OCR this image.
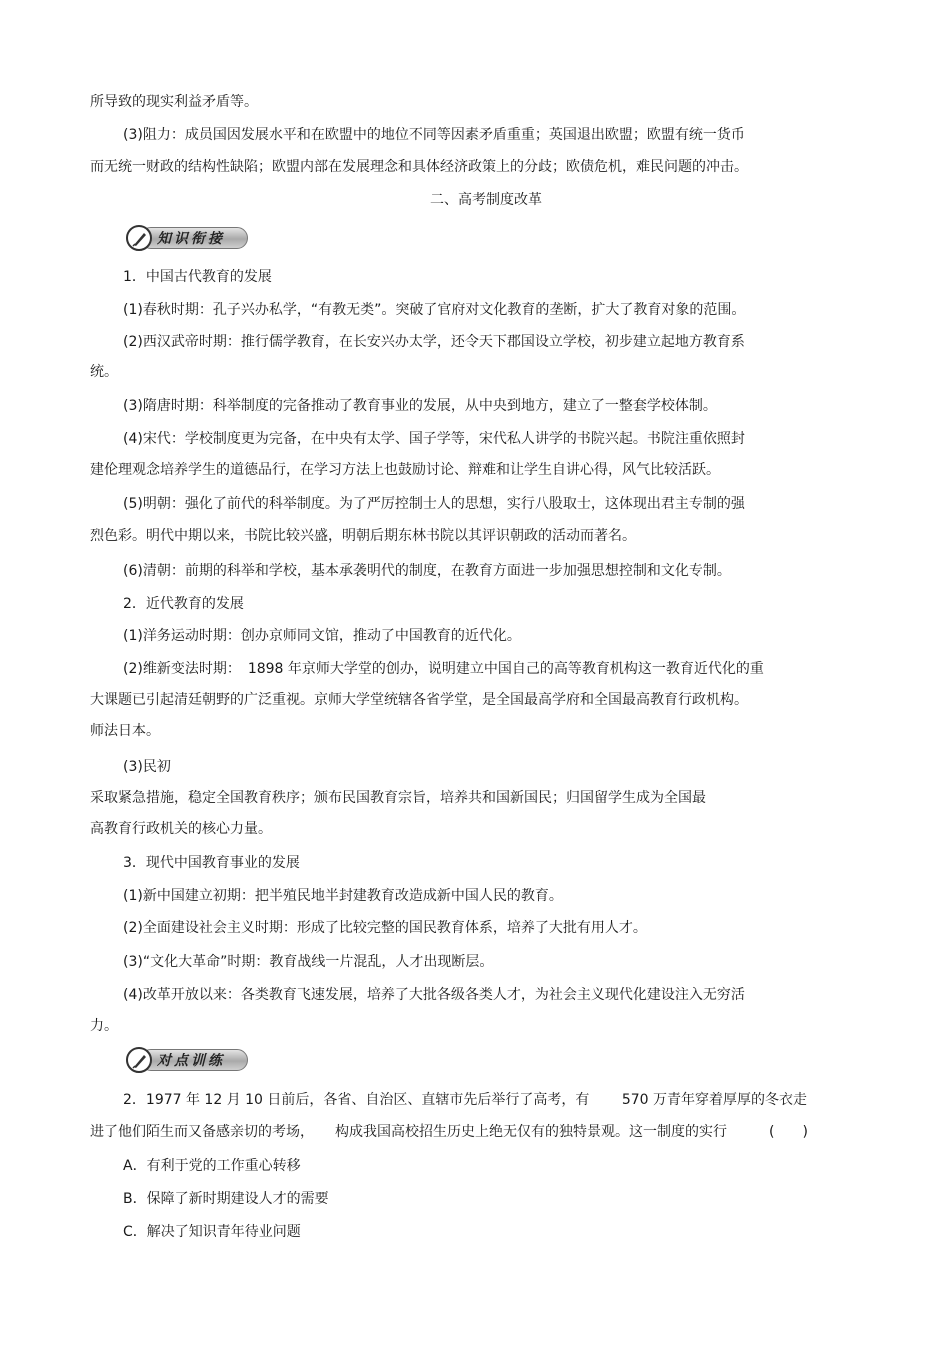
所导致的现实利益矛盾等。
(3)阻力：成员国因发展水平和在欧盟中的地位不同等因素矛盾重重；英国退出欧盟；欧盟有统一货币
而无统一财政的结构性缺陷；欧盟内部在发展理念和具体经济政策上的分歧；欧债危机，难民问题的冲击。
二、高考制度改革
知识衔接
1．中国古代教育的发展
(1)春秋时期：孔子兴办私学，“有教无类”。突破了官府对文化教育的垄断，扩大了教育对象的范围。
(2)西汉武帝时期：推行儒学教育，在长安兴办太学，还令天下郡国设立学校，初步建立起地方教育系
统。
(3)隋唐时期：科举制度的完备推动了教育事业的发展，从中央到地方，建立了一整套学校体制。
(4)宋代：学校制度更为完备，在中央有太学、国子学等，宋代私人讲学的书院兴起。书院注重依照封
建伦理观念培养学生的道德品行，在学习方法上也鼓励讨论、辩难和让学生自讲心得，风气比较活跃。
(5)明朝：强化了前代的科举制度。为了严厉控制士人的思想，实行八股取士，这体现出君主专制的强
烈色彩。明代中期以来，书院比较兴盛，明朝后期东林书院以其评识朝政的活动而著名。
(6)清朝：前期的科举和学校，基本承袭明代的制度，在教育方面进一步加强思想控制和文化专制。
2．近代教育的发展
(1)洋务运动时期：创办京师同文馆，推动了中国教育的近代化。
(2)维新变法时期：　1898 年京师大学堂的创办，说明建立中国自己的高等教育机构这一教育近代化的重
大课题已引起清廷朝野的广泛重视。京师大学堂统辖各省学堂，是全国最高学府和全国最高教育行政机构。
师法日本。
(3)民初
采取紧急措施，稳定全国教育秩序；颁布民国教育宗旨，培养共和国新国民；归国留学生成为全国最
高教育行政机关的核心力量。
3．现代中国教育事业的发展
(1)新中国建立初期：把半殖民地半封建教育改造成新中国人民的教育。
(2)全面建设社会主义时期：形成了比较完整的国民教育体系，培养了大批有用人才。
(3)“文化大革命”时期：教育战线一片混乱，人才出现断层。
(4)改革开放以来：各类教育飞速发展，培养了大批各级各类人才，为社会主义现代化建设注入无穷活
力。
对点训练
2．1977 年 12 月 10 日前后，各省、自治区、直辖市先后举行了高考，有　　 570 万青年穿着厚厚的冬衣走
进了他们陌生而又备感亲切的考场，　　构成我国高校招生历史上绝无仅有的独特景观。这一制度的实行　　　(　　)
A．有利于党的工作重心转移
B．保障了新时期建设人才的需要
C．解决了知识青年待业问题
